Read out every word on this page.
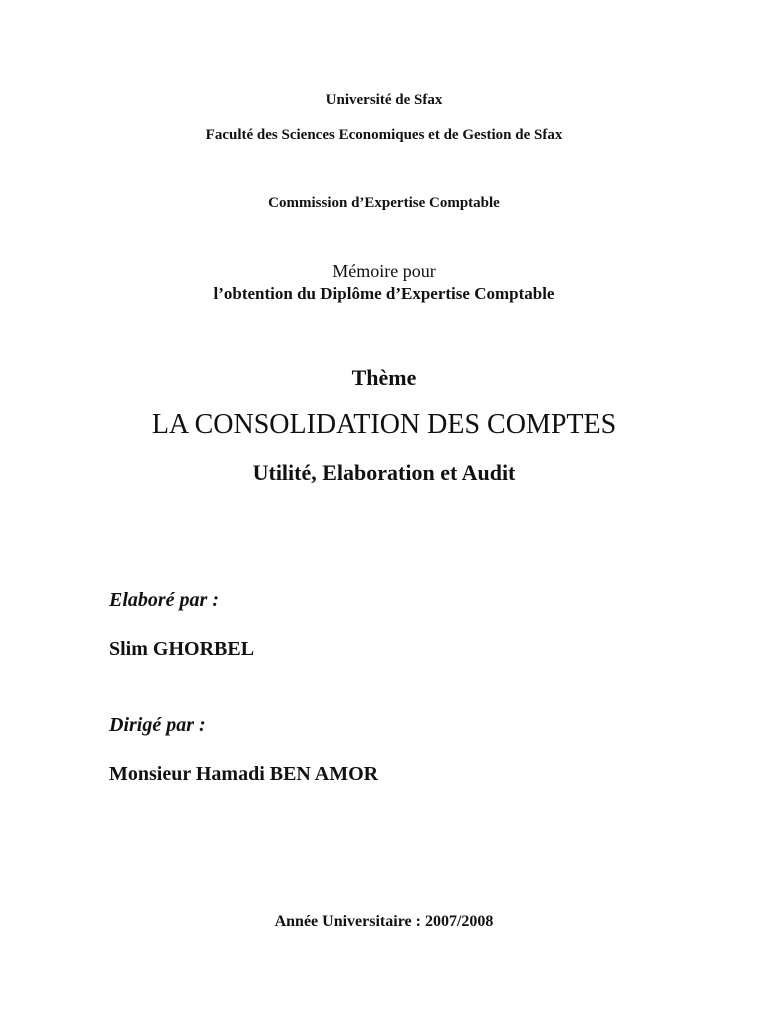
Université de Sfax
Faculté des Sciences Economiques et de Gestion de Sfax
Commission d’Expertise Comptable
Mémoire pour
l’obtention du Diplôme d’Expertise Comptable
Thème
LA CONSOLIDATION DES COMPTES
Utilité, Elaboration et Audit
Elaboré par :
Slim GHORBEL
Dirigé par :
Monsieur Hamadi BEN AMOR
Année Universitaire : 2007/2008
